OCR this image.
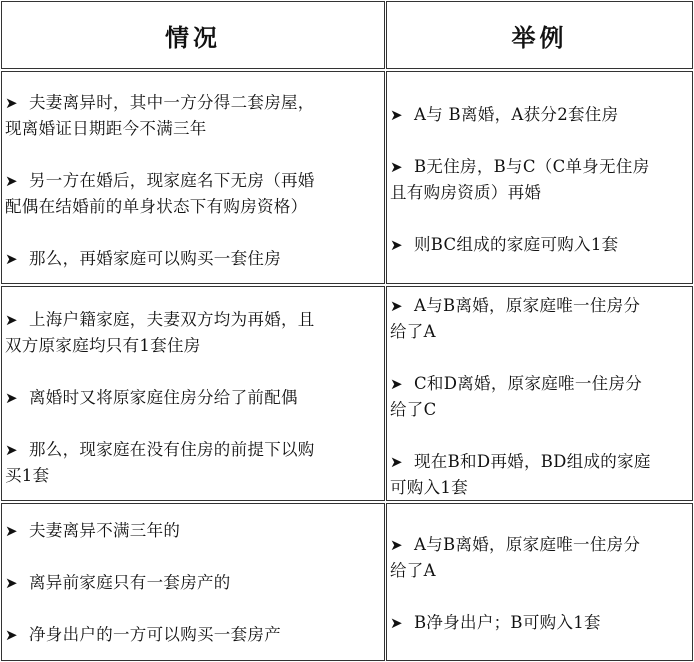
情况	举例
➤ 夫妻离异时，其中一方分得二套房屋，
现离婚证日期距今不满三年
➤ 另一方在婚后，现家庭名下无房（再婚
配偶在结婚前的单身状态下有购房资格）
➤ 那么，再婚家庭可以购买一套住房
➤ A与 B离婚，A获分2套住房
➤ B无住房，B与C（C单身无住房
且有购房资质）再婚
➤ 则BC组成的家庭可购入1套
➤ 上海户籍家庭，夫妻双方均为再婚，且
双方原家庭均只有1套住房
➤ 离婚时又将原家庭住房分给了前配偶
➤ 那么，现家庭在没有住房的前提下以购
买1套
➤ A与B离婚，原家庭唯一住房分
给了A
➤ C和D离婚，原家庭唯一住房分
给了C
➤ 现在B和D再婚，BD组成的家庭
可购入1套
➤ 夫妻离异不满三年的
➤ 离异前家庭只有一套房产的
➤ 净身出户的一方可以购买一套房产
➤ A与B离婚，原家庭唯一住房分
给了A
➤ B净身出户；B可购入1套
